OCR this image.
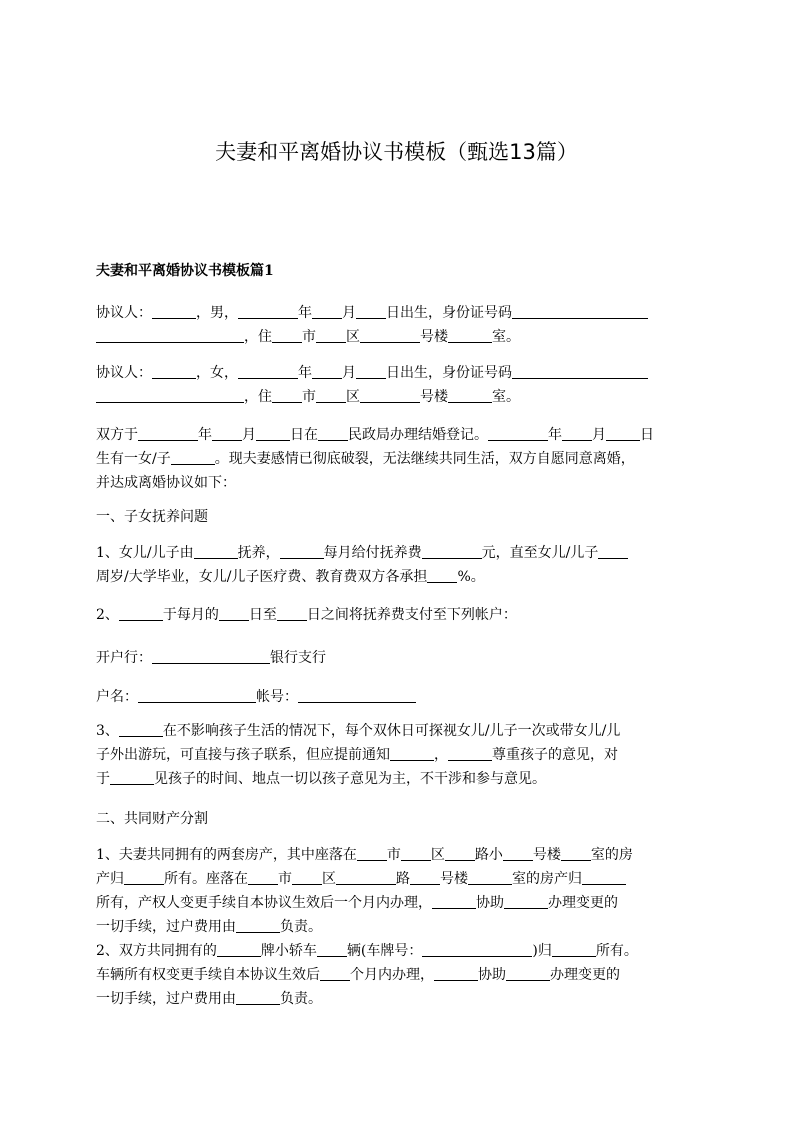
夫妻和平离婚协议书模板（甄选13篇）
夫妻和平离婚协议书模板篇1
协议人：	，男，	年 月 日出生，身份证号码
，住 市 区	号楼	室。
协议人：	，女，	年 月 日出生，身份证号码
，住 市 区	号楼	室。
双方于	年 月 日在 民政局办理结婚登记。	年 月 日
生有一女/子	。现夫妻感情已彻底破裂，无法继续共同生活，双方自愿同意离婚，
并达成离婚协议如下：
一、子女抚养问题
1、女儿/儿子由	抚养，	每月给付抚养费	元，直至女儿/儿子
周岁/大学毕业，女儿/儿子医疗费、教育费双方各承担 %。
2、	于每月的 日至 日之间将抚养费支付至下列帐户：
开户行：	银行支行
户名：	帐号：
3、	在不影响孩子生活的情况下，每个双休日可探视女儿/儿子一次或带女儿/儿
子外出游玩，可直接与孩子联系，但应提前通知	，	尊重孩子的意见，对
于	见孩子的时间、地点一切以孩子意见为主，不干涉和参与意见。
二、共同财产分割
1、夫妻共同拥有的两套房产，其中座落在 市 区 路小 号楼 室的房
产归	所有。座落在 市 区	路 号楼	室的房产归
所有，产权人变更手续自本协议生效后一个月内办理，	协助	办理变更的
一切手续，过户费用由	负责。
2、双方共同拥有的	牌小轿车 辆(车牌号：	)归	所有。
车辆所有权变更手续自本协议生效后 个月内办理，	协助	办理变更的
一切手续，过户费用由	负责。
